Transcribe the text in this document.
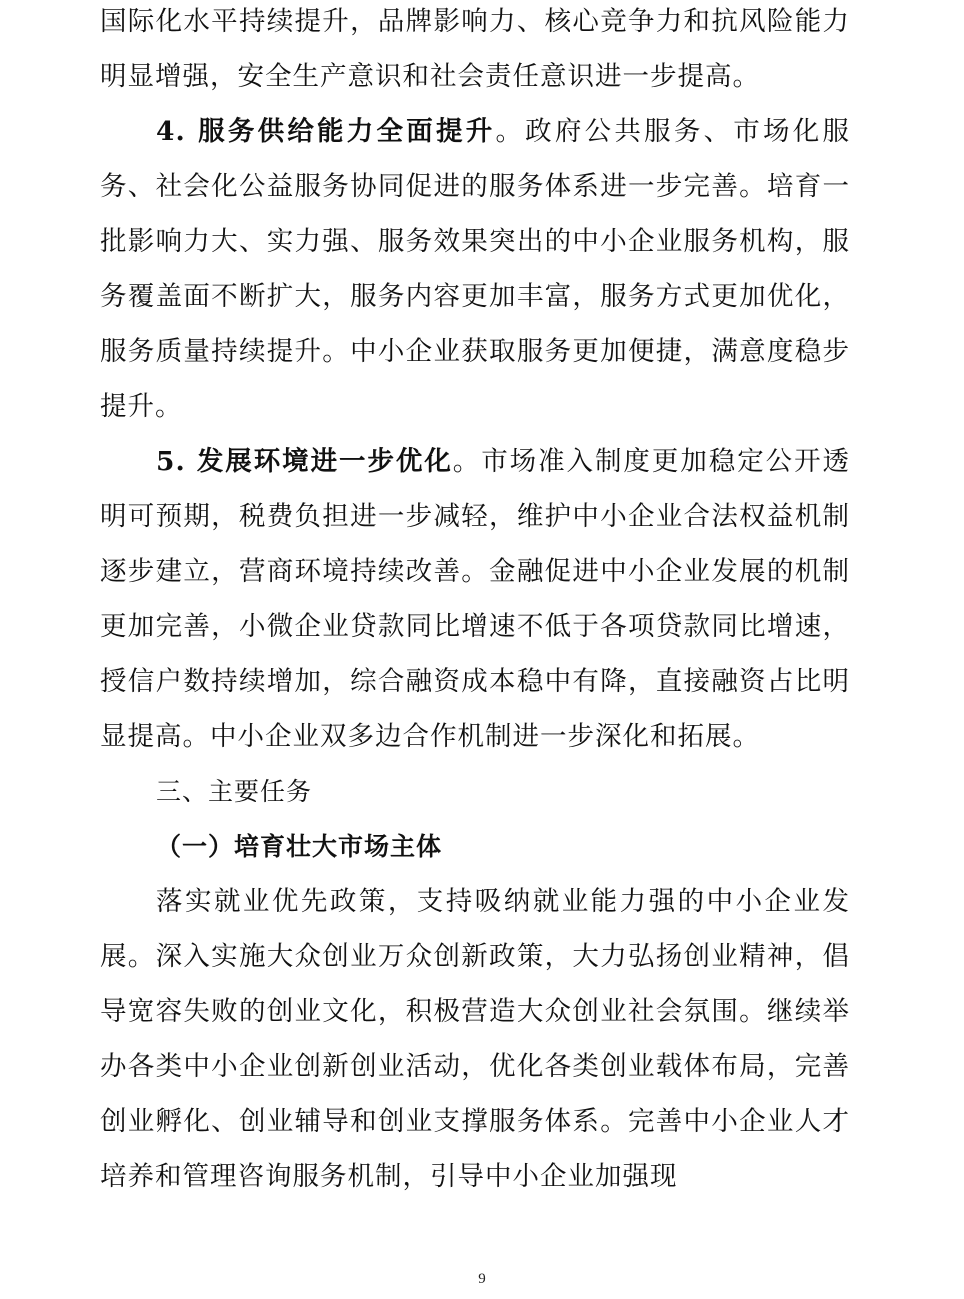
国际化水平持续提升，品牌影响力、核心竞争力和抗风险能力明显增强，安全生产意识和社会责任意识进一步提高。

4. 服务供给能力全面提升。政府公共服务、市场化服务、社会化公益服务协同促进的服务体系进一步完善。培育一批影响力大、实力强、服务效果突出的中小企业服务机构，服务覆盖面不断扩大，服务内容更加丰富，服务方式更加优化，服务质量持续提升。中小企业获取服务更加便捷，满意度稳步提升。

5. 发展环境进一步优化。市场准入制度更加稳定公开透明可预期，税费负担进一步减轻，维护中小企业合法权益机制逐步建立，营商环境持续改善。金融促进中小企业发展的机制更加完善，小微企业贷款同比增速不低于各项贷款同比增速，授信户数持续增加，综合融资成本稳中有降，直接融资占比明显提高。中小企业双多边合作机制进一步深化和拓展。

三、主要任务

（一）培育壮大市场主体

落实就业优先政策，支持吸纳就业能力强的中小企业发展。深入实施大众创业万众创新政策，大力弘扬创业精神，倡导宽容失败的创业文化，积极营造大众创业社会氛围。继续举办各类中小企业创新创业活动，优化各类创业载体布局，完善创业孵化、创业辅导和创业支撑服务体系。完善中小企业人才培养和管理咨询服务机制，引导中小企业加强现

9
